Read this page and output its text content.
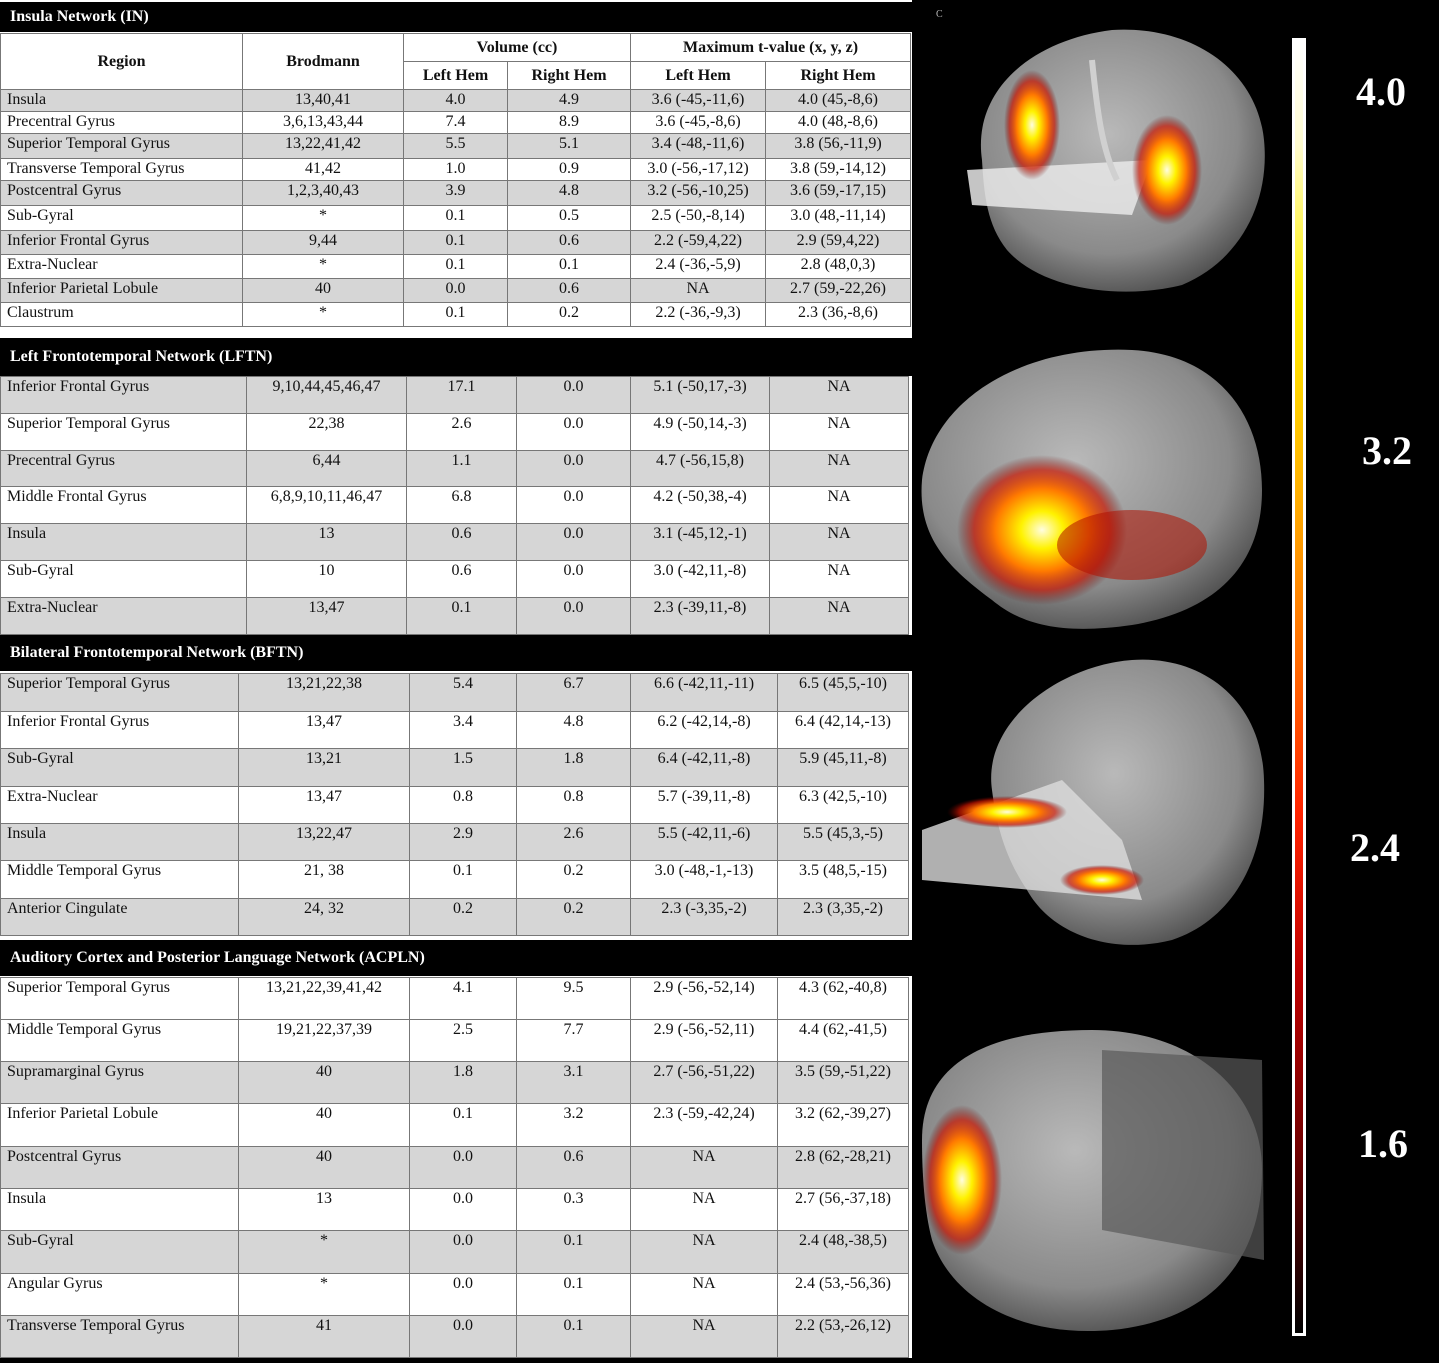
Insula Network (IN)
Left Frontotemporal Network (LFTN)
Bilateral Frontotemporal Network (BFTN)
Auditory Cortex and Posterior Language Network (ACPLN)
Region	Brodmann	Volume (cc)		Maximum t-value (x, y, z)	
		Left Hem	Right Hem	Left Hem	Right Hem
Insula	13,40,41	4.0	4.9	3.6 (-45,-11,6)	4.0 (45,-8,6)
Precentral Gyrus	3,6,13,43,44	7.4	8.9	3.6 (-45,-8,6)	4.0 (48,-8,6)
Superior Temporal Gyrus	13,22,41,42	5.5	5.1	3.4 (-48,-11,6)	3.8 (56,-11,9)
Transverse Temporal Gyrus	41,42	1.0	0.9	3.0 (-56,-17,12)	3.8 (59,-14,12)
Postcentral Gyrus	1,2,3,40,43	3.9	4.8	3.2 (-56,-10,25)	3.6 (59,-17,15)
Sub-Gyral	*	0.1	0.5	2.5 (-50,-8,14)	3.0 (48,-11,14)
Inferior Frontal Gyrus	9,44	0.1	0.6	2.2 (-59,4,22)	2.9 (59,4,22)
Extra-Nuclear	*	0.1	0.1	2.4 (-36,-5,9)	2.8 (48,0,3)
Inferior Parietal Lobule	40	0.0	0.6	NA	2.7 (59,-22,26)
Claustrum	*	0.1	0.2	2.2 (-36,-9,3)	2.3 (36,-8,6)
Inferior Frontal Gyrus	9,10,44,45,46,47	17.1	0.0	5.1 (-50,17,-3)	NA
Superior Temporal Gyrus	22,38	2.6	0.0	4.9 (-50,14,-3)	NA
Precentral Gyrus	6,44	1.1	0.0	4.7 (-56,15,8)	NA
Middle Frontal Gyrus	6,8,9,10,11,46,47	6.8	0.0	4.2 (-50,38,-4)	NA
Insula	13	0.6	0.0	3.1 (-45,12,-1)	NA
Sub-Gyral	10	0.6	0.0	3.0 (-42,11,-8)	NA
Extra-Nuclear	13,47	0.1	0.0	2.3 (-39,11,-8)	NA
Superior Temporal Gyrus	13,21,22,38	5.4	6.7	6.6 (-42,11,-11)	6.5 (45,5,-10)
Inferior Frontal Gyrus	13,47	3.4	4.8	6.2 (-42,14,-8)	6.4 (42,14,-13)
Sub-Gyral	13,21	1.5	1.8	6.4 (-42,11,-8)	5.9 (45,11,-8)
Extra-Nuclear	13,47	0.8	0.8	5.7 (-39,11,-8)	6.3 (42,5,-10)
Insula	13,22,47	2.9	2.6	5.5 (-42,11,-6)	5.5 (45,3,-5)
Middle Temporal Gyrus	21, 38	0.1	0.2	3.0 (-48,-1,-13)	3.5 (48,5,-15)
Anterior Cingulate	24, 32	0.2	0.2	2.3 (-3,35,-2)	2.3 (3,35,-2)
Superior Temporal Gyrus	13,21,22,39,41,42	4.1	9.5	2.9 (-56,-52,14)	4.3 (62,-40,8)
Middle Temporal Gyrus	19,21,22,37,39	2.5	7.7	2.9 (-56,-52,11)	4.4 (62,-41,5)
Supramarginal Gyrus	40	1.8	3.1	2.7 (-56,-51,22)	3.5 (59,-51,22)
Inferior Parietal Lobule	40	0.1	3.2	2.3 (-59,-42,24)	3.2 (62,-39,27)
Postcentral Gyrus	40	0.0	0.6	NA	2.8 (62,-28,21)
Insula	13	0.0	0.3	NA	2.7 (56,-37,18)
Sub-Gyral	*	0.0	0.1	NA	2.4 (48,-38,5)
Angular Gyrus	*	0.0	0.1	NA	2.4 (53,-56,36)
Transverse Temporal Gyrus	41	0.0	0.1	NA	2.2 (53,-26,12)
C
4.0
3.2
2.4
1.6
